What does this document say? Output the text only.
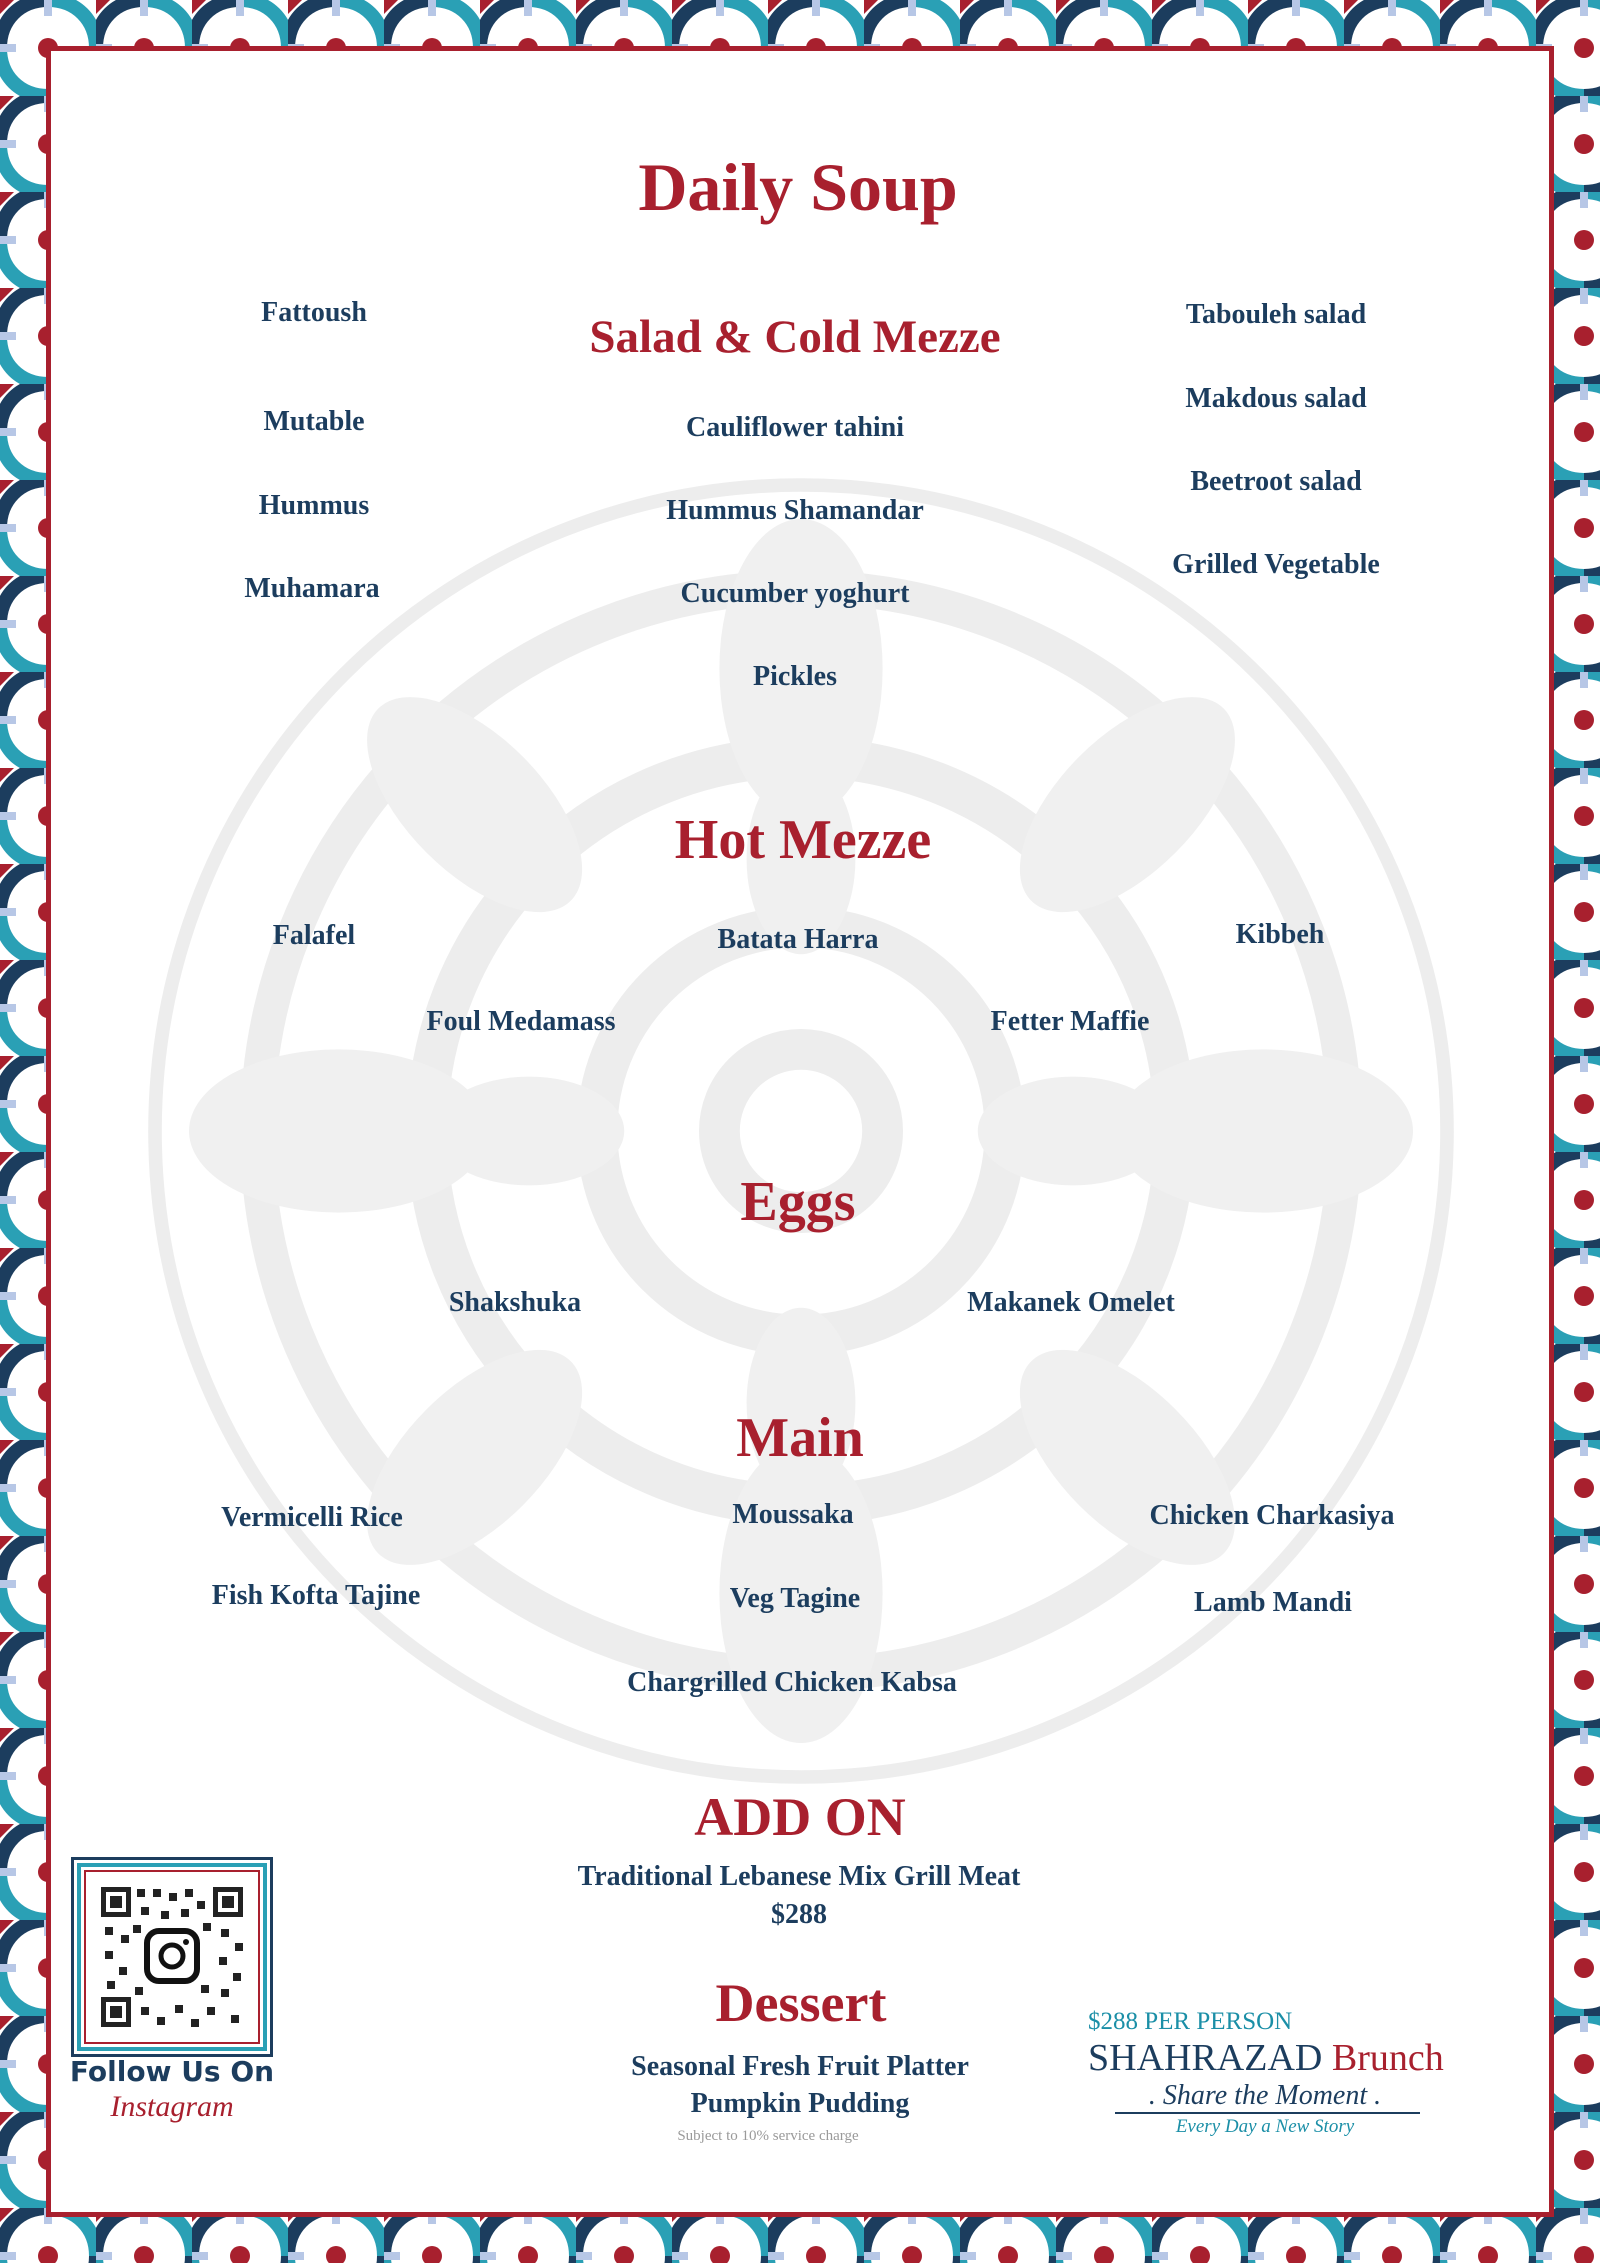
Daily Soup
Salad & Cold Mezze
Fattoush
Mutable
Hummus
Muhamara
Cauliflower tahini
Hummus Shamandar
Cucumber yoghurt
Pickles
Tabouleh salad
Makdous salad
Beetroot salad
Grilled Vegetable
Hot Mezze
Falafel	Batata Harra	Kibbeh
Foul Medamass	Fetter Maffie
Eggs
Shakshuka	Makanek Omelet
Main
Vermicelli Rice	Moussaka	Chicken Charkasiya
Fish Kofta Tajine	Veg Tagine	Lamb Mandi
Chargrilled Chicken Kabsa
ADD ON
Traditional Lebanese Mix Grill Meat
$288
Dessert
Seasonal Fresh Fruit Platter
Pumpkin Pudding
Follow Us On
Instagram
Subject to 10% service charge
$288 PER PERSON
SHAHRAZAD Brunch
. Share the Moment .
Every Day a New Story
